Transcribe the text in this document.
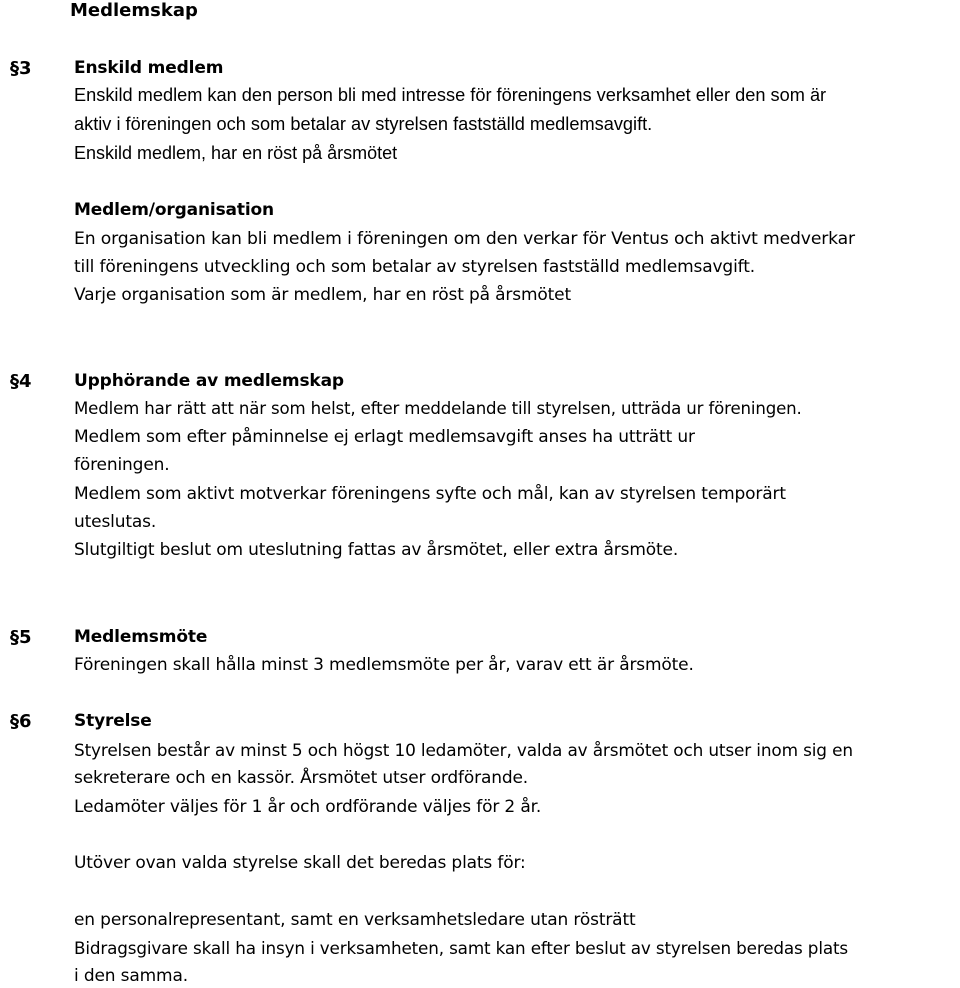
Medlemskap
§3 Enskild medlem
Enskild medlem kan den person bli med intresse för föreningens verksamhet eller den som är
aktiv i föreningen och som betalar av styrelsen fastställd medlemsavgift.
Enskild medlem, har en röst på årsmötet
Medlem/organisation
En organisation kan bli medlem i föreningen om den verkar för Ventus och aktivt medverkar
till föreningens utveckling och som betalar av styrelsen fastställd medlemsavgift.
Varje organisation som är medlem, har en röst på årsmötet
§4 Upphörande av medlemskap
Medlem har rätt att när som helst, efter meddelande till styrelsen, utträda ur föreningen.
Medlem som efter påminnelse ej erlagt medlemsavgift anses ha utträtt ur
föreningen.
Medlem som aktivt motverkar föreningens syfte och mål, kan av styrelsen temporärt
uteslutas.
Slutgiltigt beslut om uteslutning fattas av årsmötet, eller extra årsmöte.
§5 Medlemsmöte
Föreningen skall hålla minst 3 medlemsmöte per år, varav ett är årsmöte.
§6 Styrelse
Styrelsen består av minst 5 och högst 10 ledamöter, valda av årsmötet och utser inom sig en
sekreterare och en kassör. Årsmötet utser ordförande.
Ledamöter väljes för 1 år och ordförande väljes för 2 år.
Utöver ovan valda styrelse skall det beredas plats för:
en personalrepresentant, samt en verksamhetsledare utan rösträtt
Bidragsgivare skall ha insyn i verksamheten, samt kan efter beslut av styrelsen beredas plats
i den samma.
